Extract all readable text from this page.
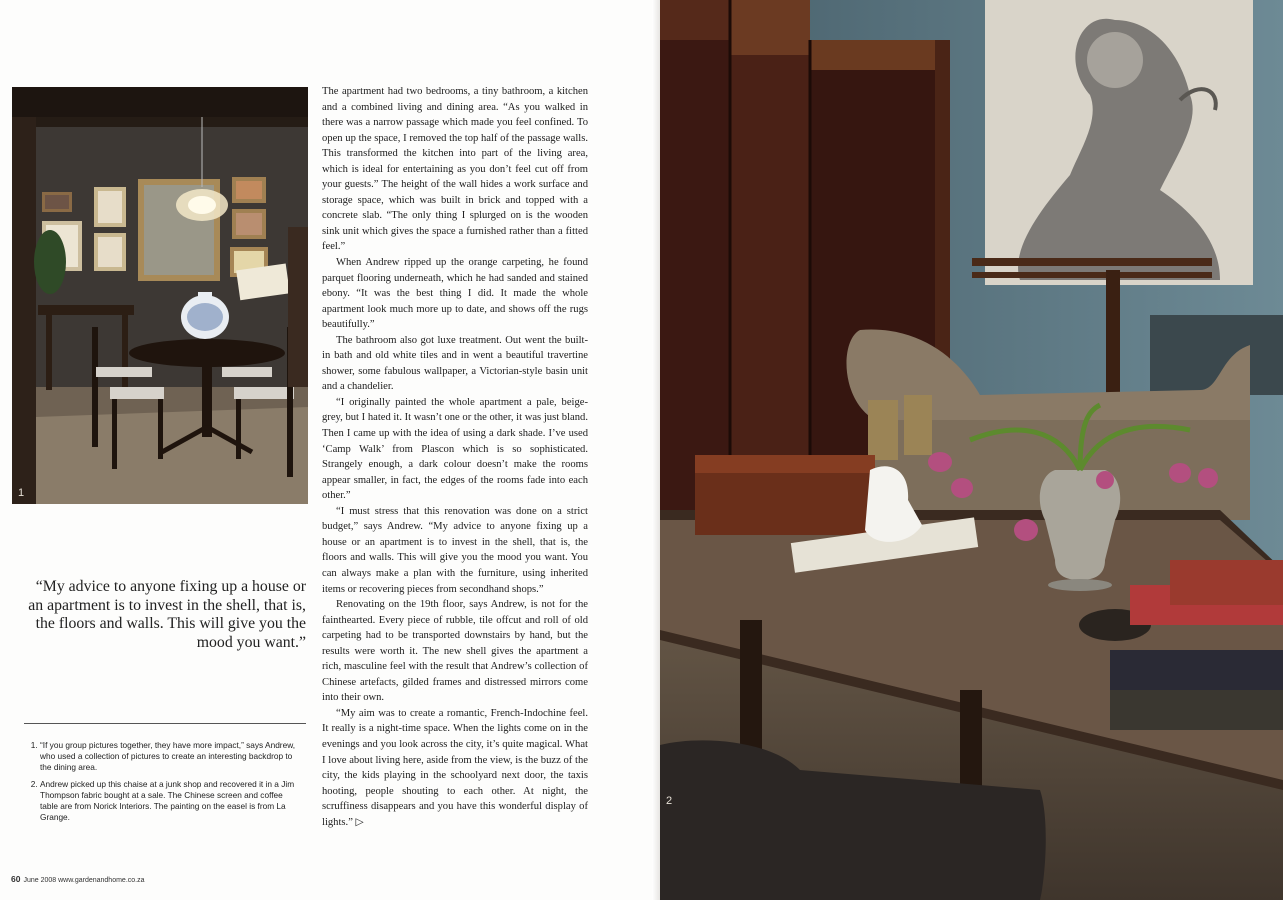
1

The apartment had two bedrooms, a tiny bathroom, a kitchen and a combined living and dining area. “As you walked in there was a narrow passage which made you feel confined. To open up the space, I removed the top half of the passage walls. This transformed the kitchen into part of the living area, which is ideal for entertaining as you don’t feel cut off from your guests.” The height of the wall hides a work surface and storage space, which was built in brick and topped with a concrete slab. “The only thing I splurged on is the wooden sink unit which gives the space a furnished rather than a fitted feel.”

When Andrew ripped up the orange carpeting, he found parquet flooring underneath, which he had sanded and stained ebony. “It was the best thing I did. It made the whole apartment look much more up to date, and shows off the rugs beautifully.”

The bathroom also got luxe treatment. Out went the built-in bath and old white tiles and in went a beautiful travertine shower, some fabulous wallpaper, a Victorian-style basin unit and a chandelier.

“I originally painted the whole apartment a pale, beige-grey, but I hated it. It wasn’t one or the other, it was just bland. Then I came up with the idea of using a dark shade. I’ve used ‘Camp Walk’ from Plascon which is so sophisticated. Strangely enough, a dark colour doesn’t make the rooms appear smaller, in fact, the edges of the rooms fade into each other.”

“I must stress that this renovation was done on a strict budget,” says Andrew. “My advice to anyone fixing up a house or an apartment is to invest in the shell, that is, the floors and walls. This will give you the mood you want. You can always make a plan with the furniture, using inherited items or recovering pieces from secondhand shops.”

Renovating on the 19th floor, says Andrew, is not for the fainthearted. Every piece of rubble, tile offcut and roll of old carpeting had to be transported downstairs by hand, but the results were worth it. The new shell gives the apartment a rich, masculine feel with the result that Andrew’s collection of Chinese artefacts, gilded frames and distressed mirrors come into their own.

“My aim was to create a romantic, French-Indochine feel. It really is a night-time space. When the lights come on in the evenings and you look across the city, it’s quite magical. What I love about living here, aside from the view, is the buzz of the city, the kids playing in the schoolyard next door, the taxis hooting, people shouting to each other. At night, the scruffiness disappears and you have this wonderful display of lights.” ▷

“My advice to anyone fixing up a house or an apartment is to invest in the shell, that is, the floors and walls. This will give you the mood you want.”
1. “If you group pictures together, they have more impact,” says Andrew, who used a collection of pictures to create an interesting backdrop to the dining area.
2. Andrew picked up this chaise at a junk shop and recovered it in a Jim Thompson fabric bought at a sale. The Chinese screen and coffee table are from Norick Interiors. The painting on the easel is from La Grange.
60 June 2008 www.gardenandhome.co.za
2
